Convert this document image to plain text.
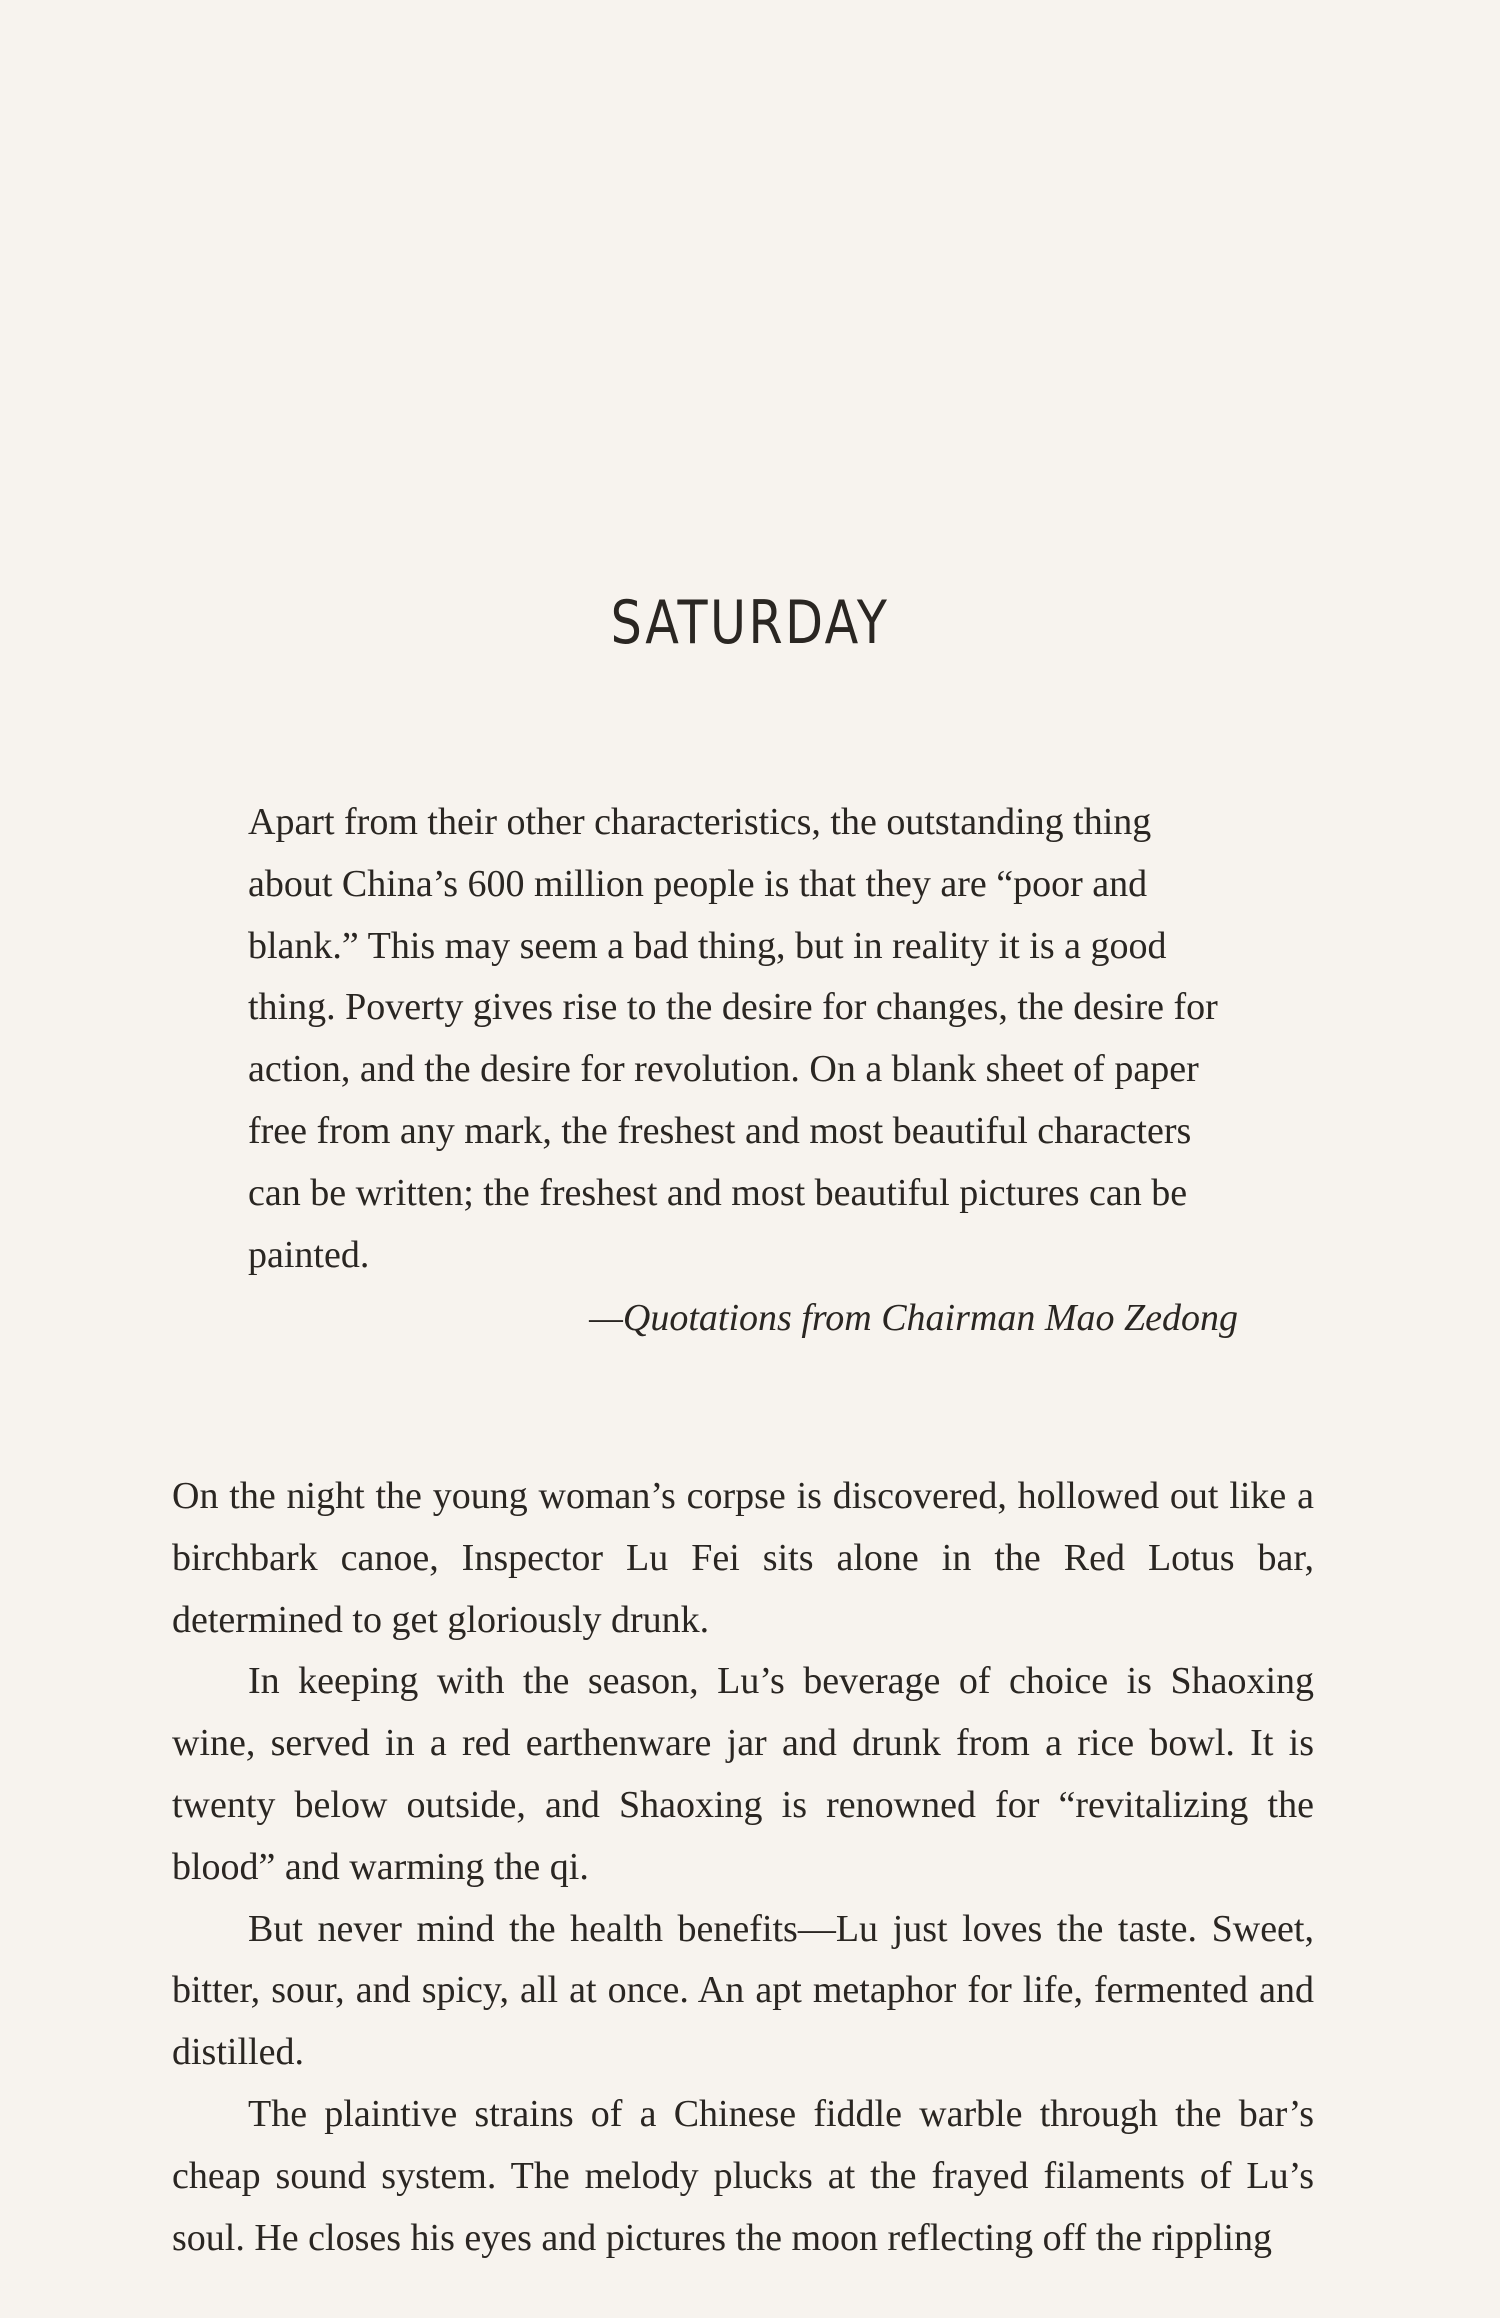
SATURDAY

Apart from their other characteristics, the outstanding thing about China’s 600 million people is that they are “poor and blank.” This may seem a bad thing, but in reality it is a good thing. Poverty gives rise to the desire for changes, the desire for action, and the desire for revolution. On a blank sheet of paper free from any mark, the freshest and most beautiful characters can be written; the freshest and most beautiful pictures can be painted.

—Quotations from Chairman Mao Zedong

On the night the young woman’s corpse is discovered, hollowed out like a birchbark canoe, Inspector Lu Fei sits alone in the Red Lotus bar, determined to get gloriously drunk.

In keeping with the season, Lu’s beverage of choice is Shaoxing wine, served in a red earthenware jar and drunk from a rice bowl. It is twenty below outside, and Shaoxing is renowned for “revitalizing the blood” and warming the qi.

But never mind the health benefits—Lu just loves the taste. Sweet, bitter, sour, and spicy, all at once. An apt metaphor for life, fermented and distilled.

The plaintive strains of a Chinese fiddle warble through the bar’s cheap sound system. The melody plucks at the frayed filaments of Lu’s soul. He closes his eyes and pictures the moon reflecting off the rippling
